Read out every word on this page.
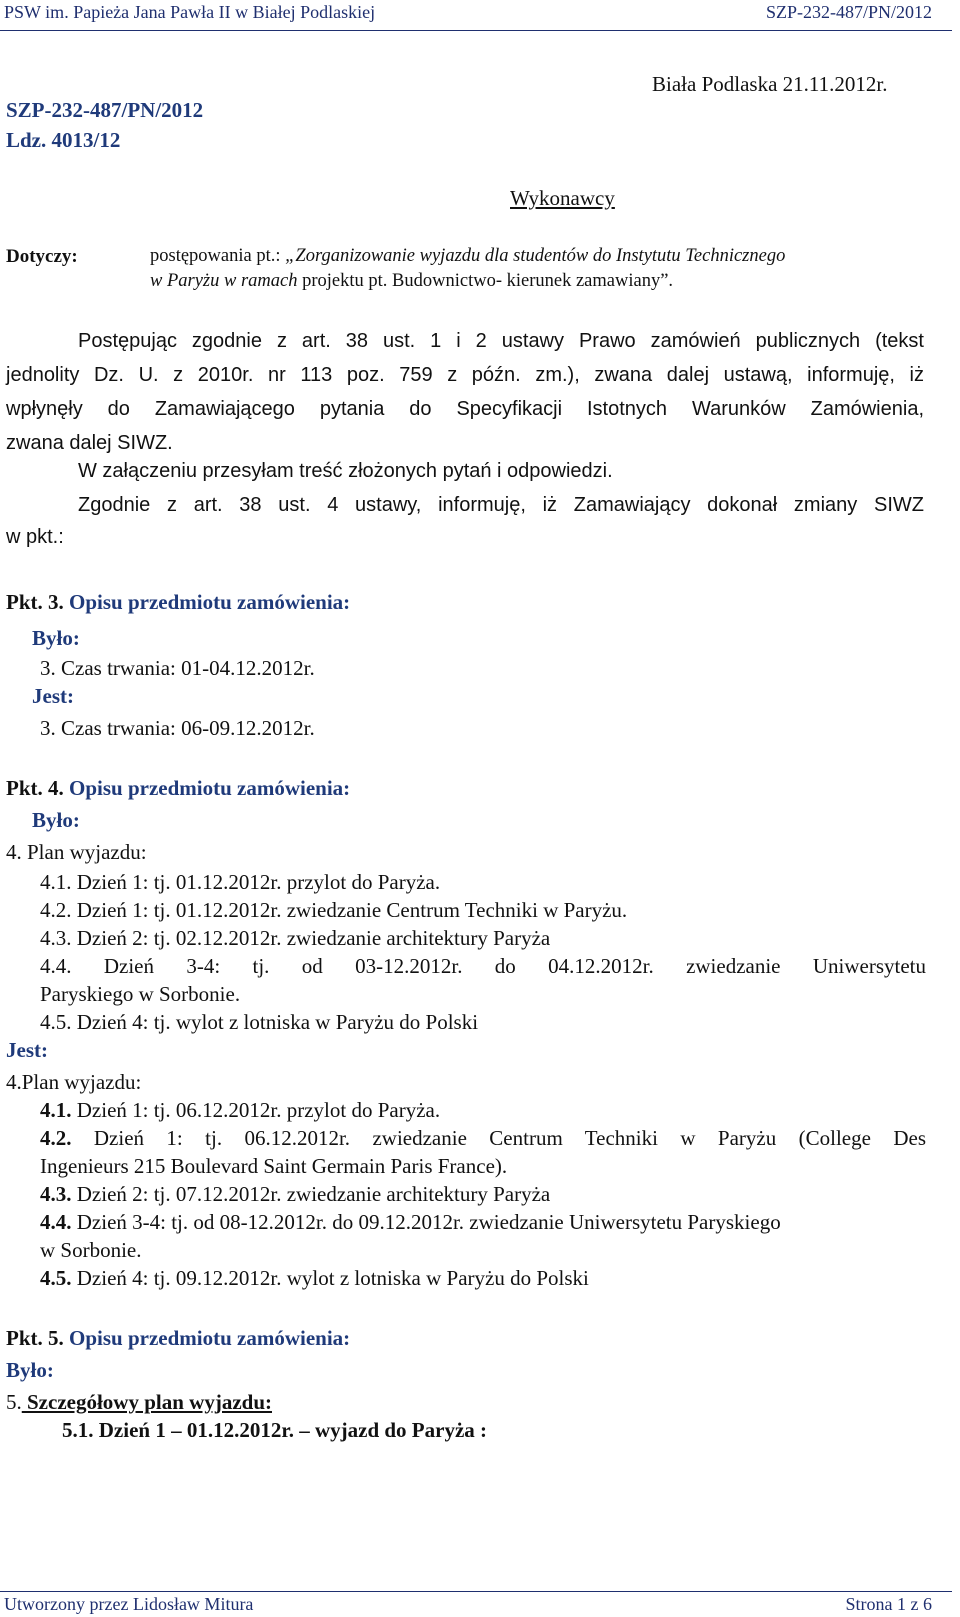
PSW im. Papieża Jana Pawła II w Białej Podlaskiej	SZP-232-487/PN/2012
SZP-232-487/PN/2012
Ldz. 4013/12
Biała Podlaska 21.11.2012r.
Wykonawcy
Dotyczy:	postępowania pt.: „Zorganizowanie wyjazdu dla studentów do Instytutu Technicznego
w Paryżu w ramach projektu pt. Budownictwo- kierunek zamawiany”.
Postępując zgodnie z art. 38 ust. 1 i 2 ustawy Prawo zamówień publicznych (tekst
jednolity Dz. U. z 2010r. nr 113 poz. 759 z późn. zm.), zwana dalej ustawą, informuję, iż
wpłynęły do Zamawiającego pytania do Specyfikacji Istotnych Warunków Zamówienia,
zwana dalej SIWZ.
W załączeniu przesyłam treść złożonych pytań i odpowiedzi.
Zgodnie z art. 38 ust. 4 ustawy, informuję, iż Zamawiający dokonał zmiany SIWZ
w pkt.:
Pkt. 3. Opisu przedmiotu zamówienia:
Było:
3. Czas trwania: 01-04.12.2012r.
Jest:
3. Czas trwania: 06-09.12.2012r.
Pkt. 4. Opisu przedmiotu zamówienia:
Było:
4. Plan wyjazdu:
4.1. Dzień 1: tj. 01.12.2012r. przylot do Paryża.
4.2. Dzień 1: tj. 01.12.2012r. zwiedzanie Centrum Techniki w Paryżu.
4.3. Dzień 2: tj. 02.12.2012r. zwiedzanie architektury Paryża
4.4. Dzień 3-4: tj. od 03-12.2012r. do 04.12.2012r. zwiedzanie Uniwersytetu
Paryskiego w Sorbonie.
4.5. Dzień 4: tj. wylot z lotniska w Paryżu do Polski
Jest:
4.Plan wyjazdu:
4.1. Dzień 1: tj. 06.12.2012r. przylot do Paryża.
4.2. Dzień 1: tj. 06.12.2012r. zwiedzanie Centrum Techniki w Paryżu (College Des
Ingenieurs 215 Boulevard Saint Germain Paris France).
4.3. Dzień 2: tj. 07.12.2012r. zwiedzanie architektury Paryża
4.4. Dzień 3-4: tj. od 08-12.2012r. do 09.12.2012r. zwiedzanie Uniwersytetu Paryskiego
w Sorbonie.
4.5. Dzień 4: tj. 09.12.2012r. wylot z lotniska w Paryżu do Polski
Pkt. 5. Opisu przedmiotu zamówienia:
Było:
5. Szczegółowy plan wyjazdu:
5.1. Dzień 1 – 01.12.2012r. – wyjazd do Paryża :
Utworzony przez Lidosław Mitura	Strona 1 z 6
